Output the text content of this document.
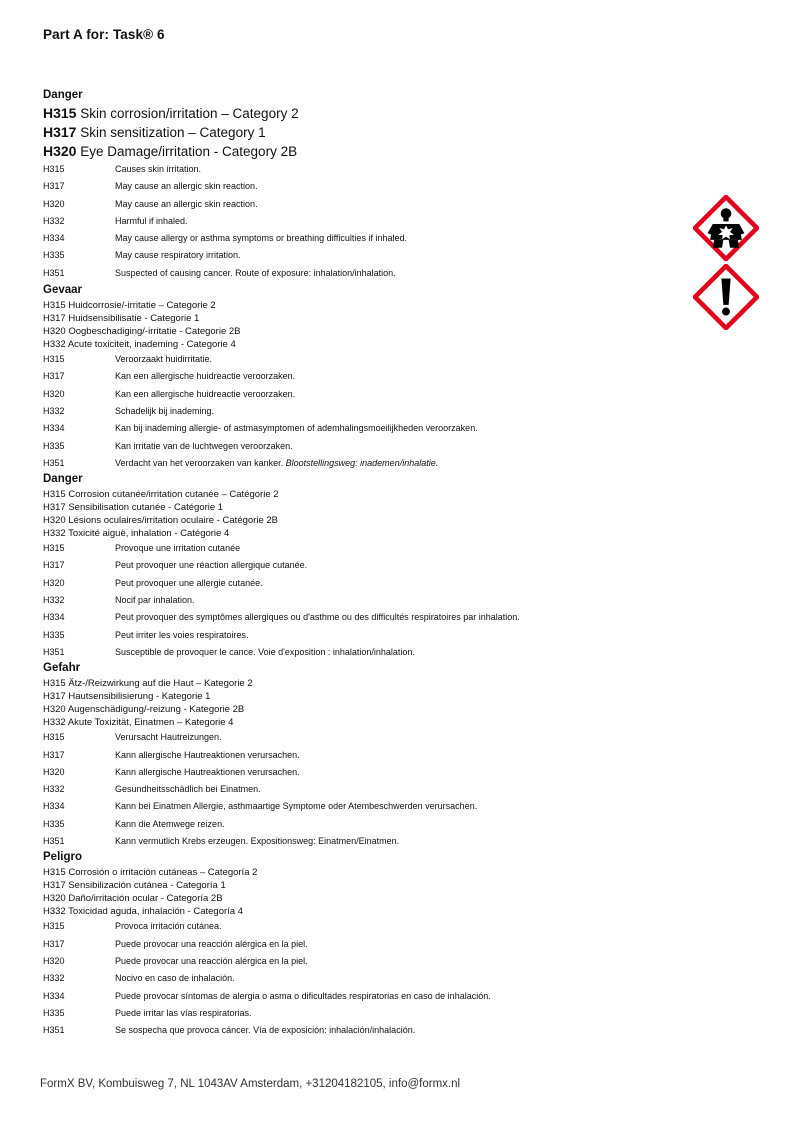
Part A for: Task® 6
Danger
H315 Skin corrosion/irritation – Category 2
H317 Skin sensitization – Category 1
H320 Eye Damage/irritation - Category 2B
H315	Causes skin irritation.
H317	May cause an allergic skin reaction.
H320	May cause an allergic skin reaction.
H332	Harmful if inhaled.
H334	May cause allergy or asthma symptoms or breathing difficulties if inhaled.
H335	May cause respiratory irritation.
H351	Suspected of causing cancer. Route of exposure: inhalation/inhalation.
Gevaar
H315 Huidcorrosie/-irritatie – Categorie 2
H317 Huidsensibilisatie - Categorie 1
H320 Oogbeschadiging/-irritatie - Categorie 2B
H332 Acute toxiciteit, inademing - Categorie 4
H315	Veroorzaakt huidirritatie.
H317	Kan een allergische huidreactie veroorzaken.
H320	Kan een allergische huidreactie veroorzaken.
H332	Schadelijk bij inademing.
H334	Kan bij inademing allergie- of astmasymptomen of ademhalingsmoeilijkheden veroorzaken.
H335	Kan irritatie van de luchtwegen veroorzaken.
H351	Verdacht van het veroorzaken van kanker. Blootstellingsweg: inademen/inhalatie.
Danger
H315 Corrosion cutanée/irritation cutanée – Catégorie 2
H317 Sensibilisation cutanée - Catégorie 1
H320 Lésions oculaires/irritation oculaire - Catégorie 2B
H332 Toxicité aiguë, inhalation - Catégorie 4
H315	Provoque une irritation cutanée
H317	Peut provoquer une réaction allergique cutanée.
H320	Peut provoquer une allergie cutanée.
H332	Nocif par inhalation.
H334	Peut provoquer des symptômes allergiques ou d'asthme ou des difficultés respiratoires par inhalation.
H335	Peut irriter les voies respiratoires.
H351	Susceptible de provoquer le cance. Voie d'exposition : inhalation/inhalation.
Gefahr
H315 Ätz-/Reizwirkung auf die Haut – Kategorie 2
H317 Hautsensibilisierung - Kategorie 1
H320 Augenschädigung/-reizung - Kategorie 2B
H332 Akute Toxizität, Einatmen – Kategorie 4
H315	Verursacht Hautreizungen.
H317	Kann allergische Hautreaktionen verursachen.
H320	Kann allergische Hautreaktionen verursachen.
H332	Gesundheitsschädlich bei Einatmen.
H334	Kann bei Einatmen Allergie, asthmaartige Symptome oder Atembeschwerden verursachen.
H335	Kann die Atemwege reizen.
H351	Kann vermutlich Krebs erzeugen. Expositionsweg: Einatmen/Einatmen.
Peligro
H315 Corrosión o irritación cutáneas – Categoría 2
H317 Sensibilización cutánea - Categoría 1
H320 Daño/irritación ocular - Categoría 2B
H332 Toxicidad aguda, inhalación - Categoría 4
H315	Provoca irritación cutánea.
H317	Puede provocar una reacción alérgica en la piel.
H320	Puede provocar una reacción alérgica en la piel.
H332	Nocivo en caso de inhalación.
H334	Puede provocar síntomas de alergia o asma o dificultades respiratorias en caso de inhalación.
H335	Puede irritar las vías respiratorias.
H351	Se sospecha que provoca cáncer. Vía de exposición: inhalación/inhalación.
FormX BV, Kombuisweg 7, NL 1043AV Amsterdam, +31204182105, info@formx.nl
